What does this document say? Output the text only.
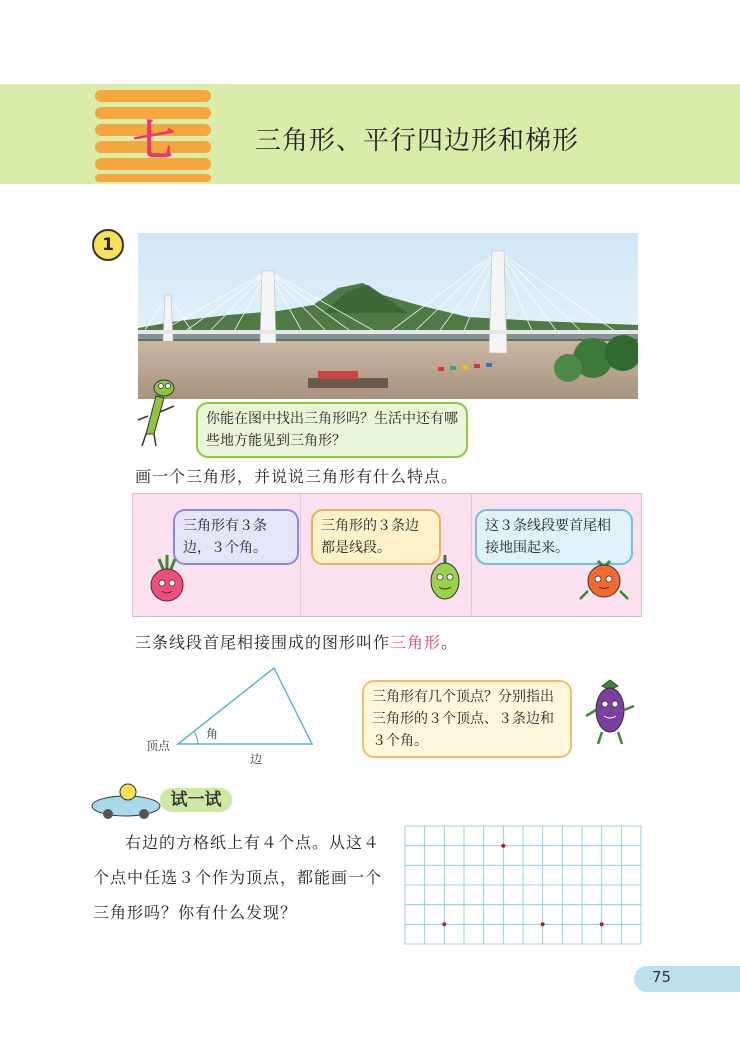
七	三角形、平行四边形和梯形
1
你能在图中找出三角形吗？生活中还有哪些地方能见到三角形？
画一个三角形，并说说三角形有什么特点。
三角形有３条边，３个角。
三角形的３条边都是线段。
这３条线段要首尾相接地围起来。
三条线段首尾相接围成的图形叫作三角形。
顶点
角
边
三角形有几个顶点？分别指出三角形的３个顶点、３条边和３个角。
试一试
右边的方格纸上有４个点。从这４个点中任选３个作为顶点，都能画一个三角形吗？你有什么发现？
75
